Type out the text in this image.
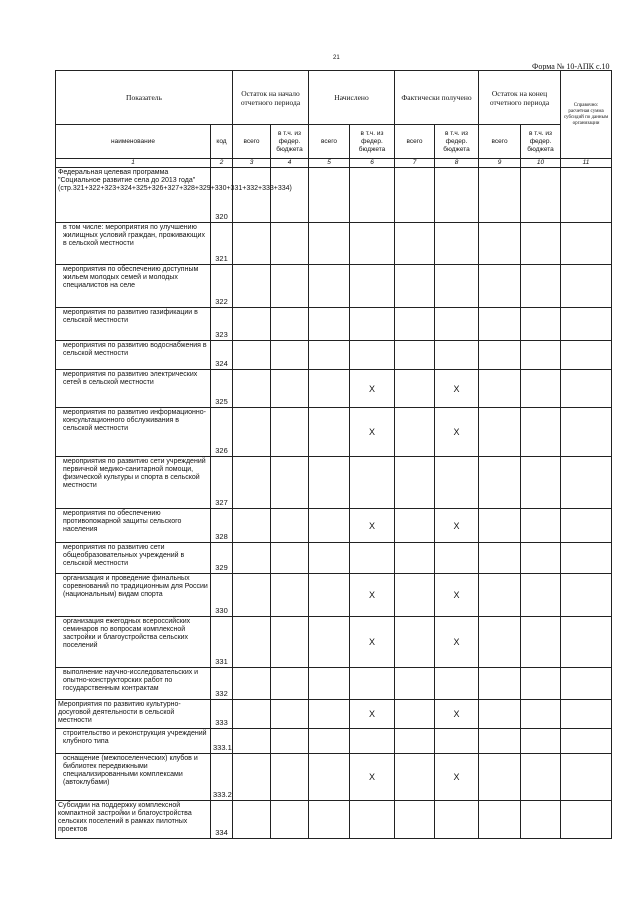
21
Форма № 10-АПК с.10
Показатель		Остаток на начало отчетного периода		Начислено		Фактически получено		Остаток на конец отчетного периода		Справочно: расчетная сумма субсидий по данным организации
наименование	код	всего	в т.ч. из федер. бюджета	всего	в т.ч. из федер. бюджета	всего	в т.ч. из федер. бюджета	всего	в т.ч. из федер. бюджета	
1	2	3	4	5	6	7	8	9	10	11
Федеральная целевая программа "Социальное развитие села до 2013 года" (стр.321+322+323+324+325+326+327+328+329+330+331+332+333+334)	320									
в том числе: мероприятия по улучшению жилищных условий граждан, проживающих в сельской местности	321									
мероприятия по обеспечению доступным жильем молодых семей и молодых специалистов на селе	322									
мероприятия по развитию газификации в сельской местности	323									
мероприятия по развитию водоснабжения в сельской местности	324									
мероприятия по развитию электрических сетей в сельской местности	325				X		X			
мероприятия по развитию информационно-консультационного обслуживания в сельской местности	326				X		X			
мероприятия по развитию сети учреждений первичной медико-санитарной помощи, физической культуры и спорта в сельской местности	327									
мероприятия по обеспечению противопожарной защиты сельского населения	328				X		X			
мероприятия по развитию сети общеобразовательных учреждений в сельской местности	329									
организация и проведение финальных соревнований по традиционным для России (национальным) видам спорта	330				X		X			
организация ежегодных всероссийских семинаров по вопросам комплексной застройки и благоустройства сельских поселений	331				X		X			
выполнение научно-исследовательских и опытно-конструкторских работ по государственным контрактам	332									
Мероприятия по развитию культурно-досуговой деятельности в сельской местности	333				X		X			
строительство и реконструкция учреждений клубного типа	333.1									
оснащение (межпоселенческих) клубов и библиотек передвижными специализированными комплексами (автоклубами)	333.2				X		X			
Субсидии на поддержку комплексной компактной застройки и благоустройства сельских поселений в рамках пилотных проектов	334									
